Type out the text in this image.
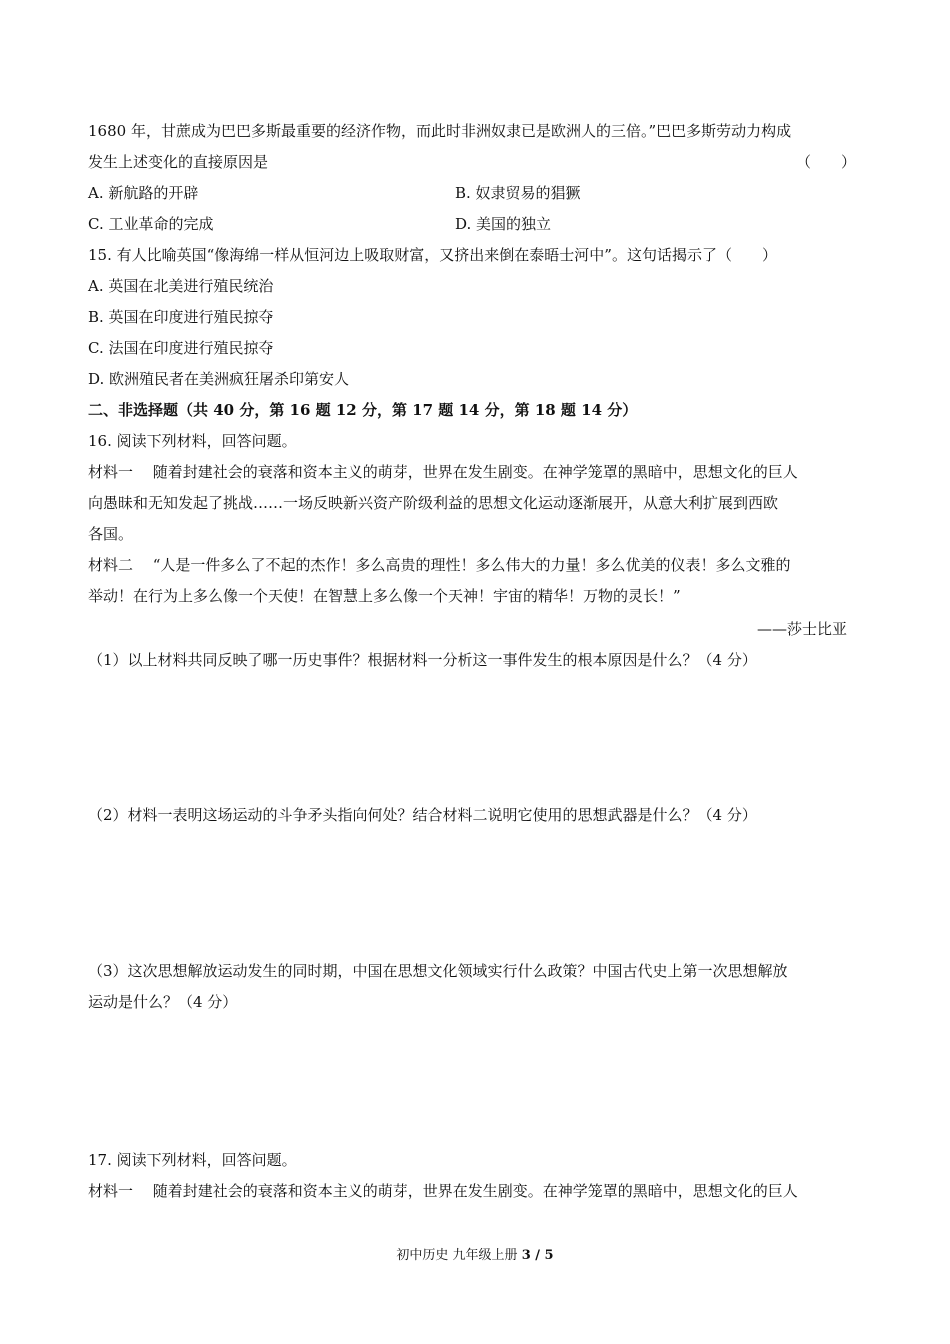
1680 年，甘蔗成为巴巴多斯最重要的经济作物，而此时非洲奴隶已是欧洲人的三倍。”巴巴多斯劳动力构成
发生上述变化的直接原因是	（　　）
A. 新航路的开辟	B. 奴隶贸易的猖獗
C. 工业革命的完成	D. 美国的独立
15. 有人比喻英国“像海绵一样从恒河边上吸取财富，又挤出来倒在泰晤士河中”。这句话揭示了（　　）
A. 英国在北美进行殖民统治
B. 英国在印度进行殖民掠夺
C. 法国在印度进行殖民掠夺
D. 欧洲殖民者在美洲疯狂屠杀印第安人
二、非选择题（共 40 分，第 16 题 12 分，第 17 题 14 分，第 18 题 14 分）
16. 阅读下列材料，回答问题。
材料一　 随着封建社会的衰落和资本主义的萌芽，世界在发生剧变。在神学笼罩的黑暗中，思想文化的巨人
向愚昧和无知发起了挑战……一场反映新兴资产阶级利益的思想文化运动逐渐展开，从意大利扩展到西欧
各国。
材料二　 “人是一件多么了不起的杰作！多么高贵的理性！多么伟大的力量！多么优美的仪表！多么文雅的
举动！在行为上多么像一个天使！在智慧上多么像一个天神！宇宙的精华！万物的灵长！”
——莎士比亚
（1）以上材料共同反映了哪一历史事件？根据材料一分析这一事件发生的根本原因是什么？（4 分）
（2）材料一表明这场运动的斗争矛头指向何处？结合材料二说明它使用的思想武器是什么？（4 分）
（3）这次思想解放运动发生的同时期，中国在思想文化领域实行什么政策？中国古代史上第一次思想解放
运动是什么？（4 分）
17. 阅读下列材料，回答问题。
材料一　 随着封建社会的衰落和资本主义的萌芽，世界在发生剧变。在神学笼罩的黑暗中，思想文化的巨人
初中历史 九年级上册 3 / 5
